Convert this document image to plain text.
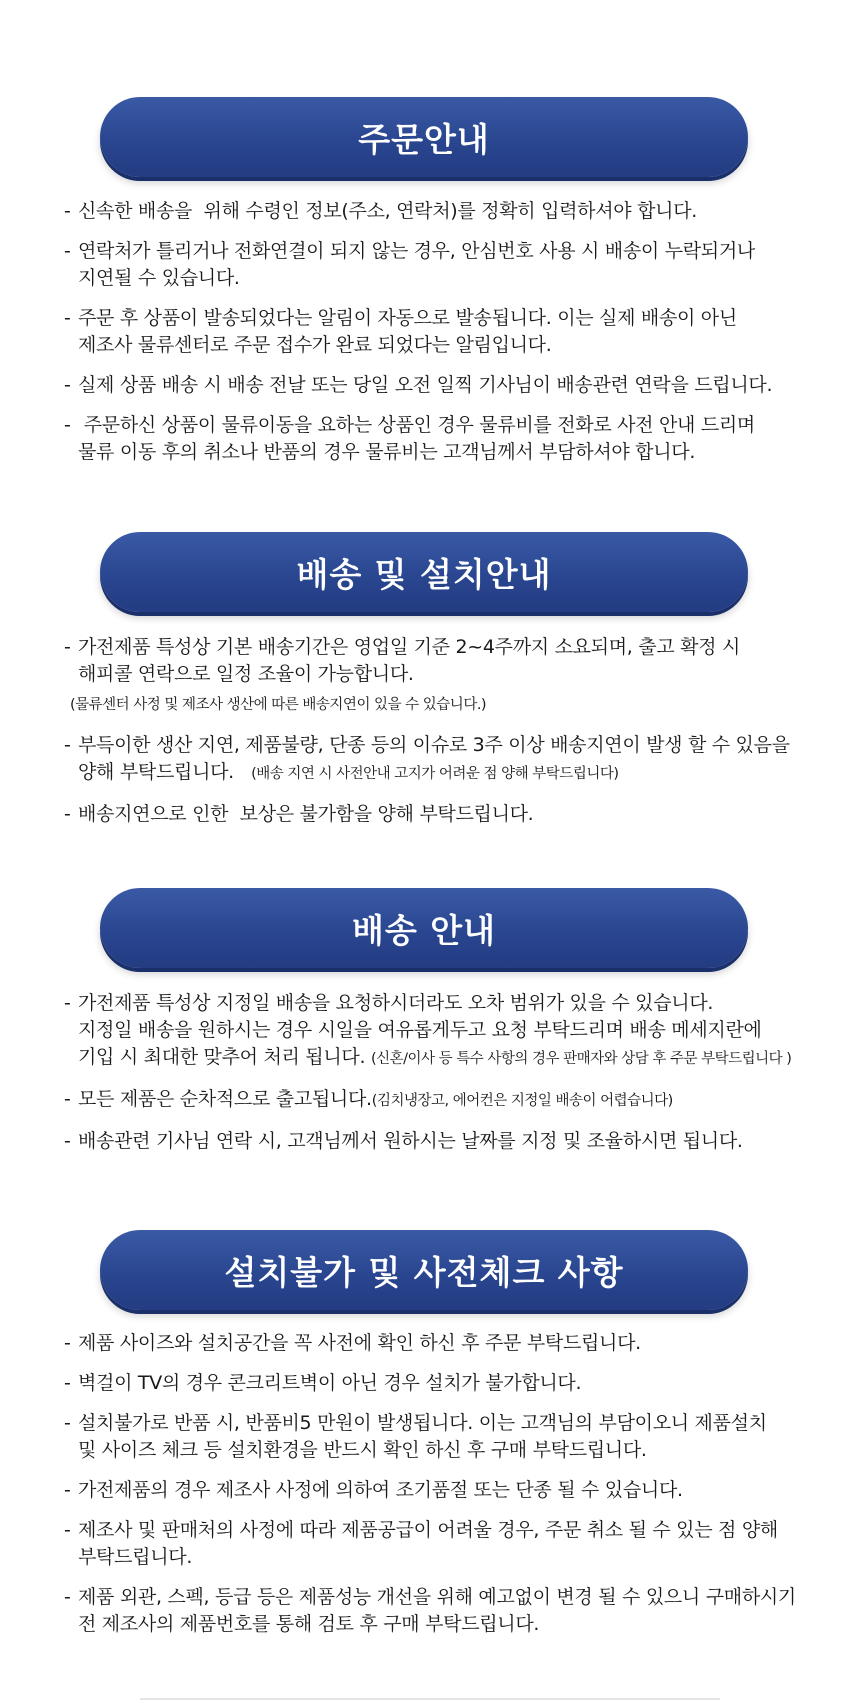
주문안내
- 신속한 배송을  위해 수령인 정보(주소, 연락처)를 정확히 입력하셔야 합니다.
- 연락처가 틀리거나 전화연결이 되지 않는 경우, 안심번호 사용 시 배송이 누락되거나
지연될 수 있습니다.
- 주문 후 상품이 발송되었다는 알림이 자동으로 발송됩니다. 이는 실제 배송이 아닌
제조사 물류센터로 주문 접수가 완료 되었다는 알림입니다.
- 실제 상품 배송 시 배송 전날 또는 당일 오전 일찍 기사님이 배송관련 연락을 드립니다.
- 주문하신 상품이 물류이동을 요하는 상품인 경우 물류비를 전화로 사전 안내 드리며
물류 이동 후의 취소나 반품의 경우 물류비는 고객님께서 부담하셔야 합니다.
배송 및 설치안내
- 가전제품 특성상 기본 배송기간은 영업일 기준 2~4주까지 소요되며, 출고 확정 시
해피콜 연락으로 일정 조율이 가능합니다.
(물류센터 사정 및 제조사 생산에 따른 배송지연이 있을 수 있습니다.)
- 부득이한 생산 지연, 제품불량, 단종 등의 이슈로 3주 이상 배송지연이 발생 할 수 있음을
양해 부탁드립니다. (배송 지연 시 사전안내 고지가 어려운 점 양해 부탁드립니다)
- 배송지연으로 인한  보상은 불가함을 양해 부탁드립니다.
배송 안내
- 가전제품 특성상 지정일 배송을 요청하시더라도 오차 범위가 있을 수 있습니다.
지정일 배송을 원하시는 경우 시일을 여유롭게두고 요청 부탁드리며 배송 메세지란에
기입 시 최대한 맞추어 처리 됩니다. (신혼/이사 등 특수 사항의 경우 판매자와 상담 후 주문 부탁드립니다 )
- 모든 제품은 순차적으로 출고됩니다.(김치냉장고, 에어컨은 지정일 배송이 어렵습니다)
- 배송관련 기사님 연락 시, 고객님께서 원하시는 날짜를 지정 및 조율하시면 됩니다.
설치불가 및 사전체크 사항
- 제품 사이즈와 설치공간을 꼭 사전에 확인 하신 후 주문 부탁드립니다.
- 벽걸이 TV의 경우 콘크리트벽이 아닌 경우 설치가 불가합니다.
- 설치불가로 반품 시, 반품비5 만원이 발생됩니다. 이는 고객님의 부담이오니 제품설치
및 사이즈 체크 등 설치환경을 반드시 확인 하신 후 구매 부탁드립니다.
- 가전제품의 경우 제조사 사정에 의하여 조기품절 또는 단종 될 수 있습니다.
- 제조사 및 판매처의 사정에 따라 제품공급이 어려울 경우, 주문 취소 될 수 있는 점 양해
부탁드립니다.
- 제품 외관, 스펙, 등급 등은 제품성능 개선을 위해 예고없이 변경 될 수 있으니 구매하시기
전 제조사의 제품번호를 통해 검토 후 구매 부탁드립니다.
